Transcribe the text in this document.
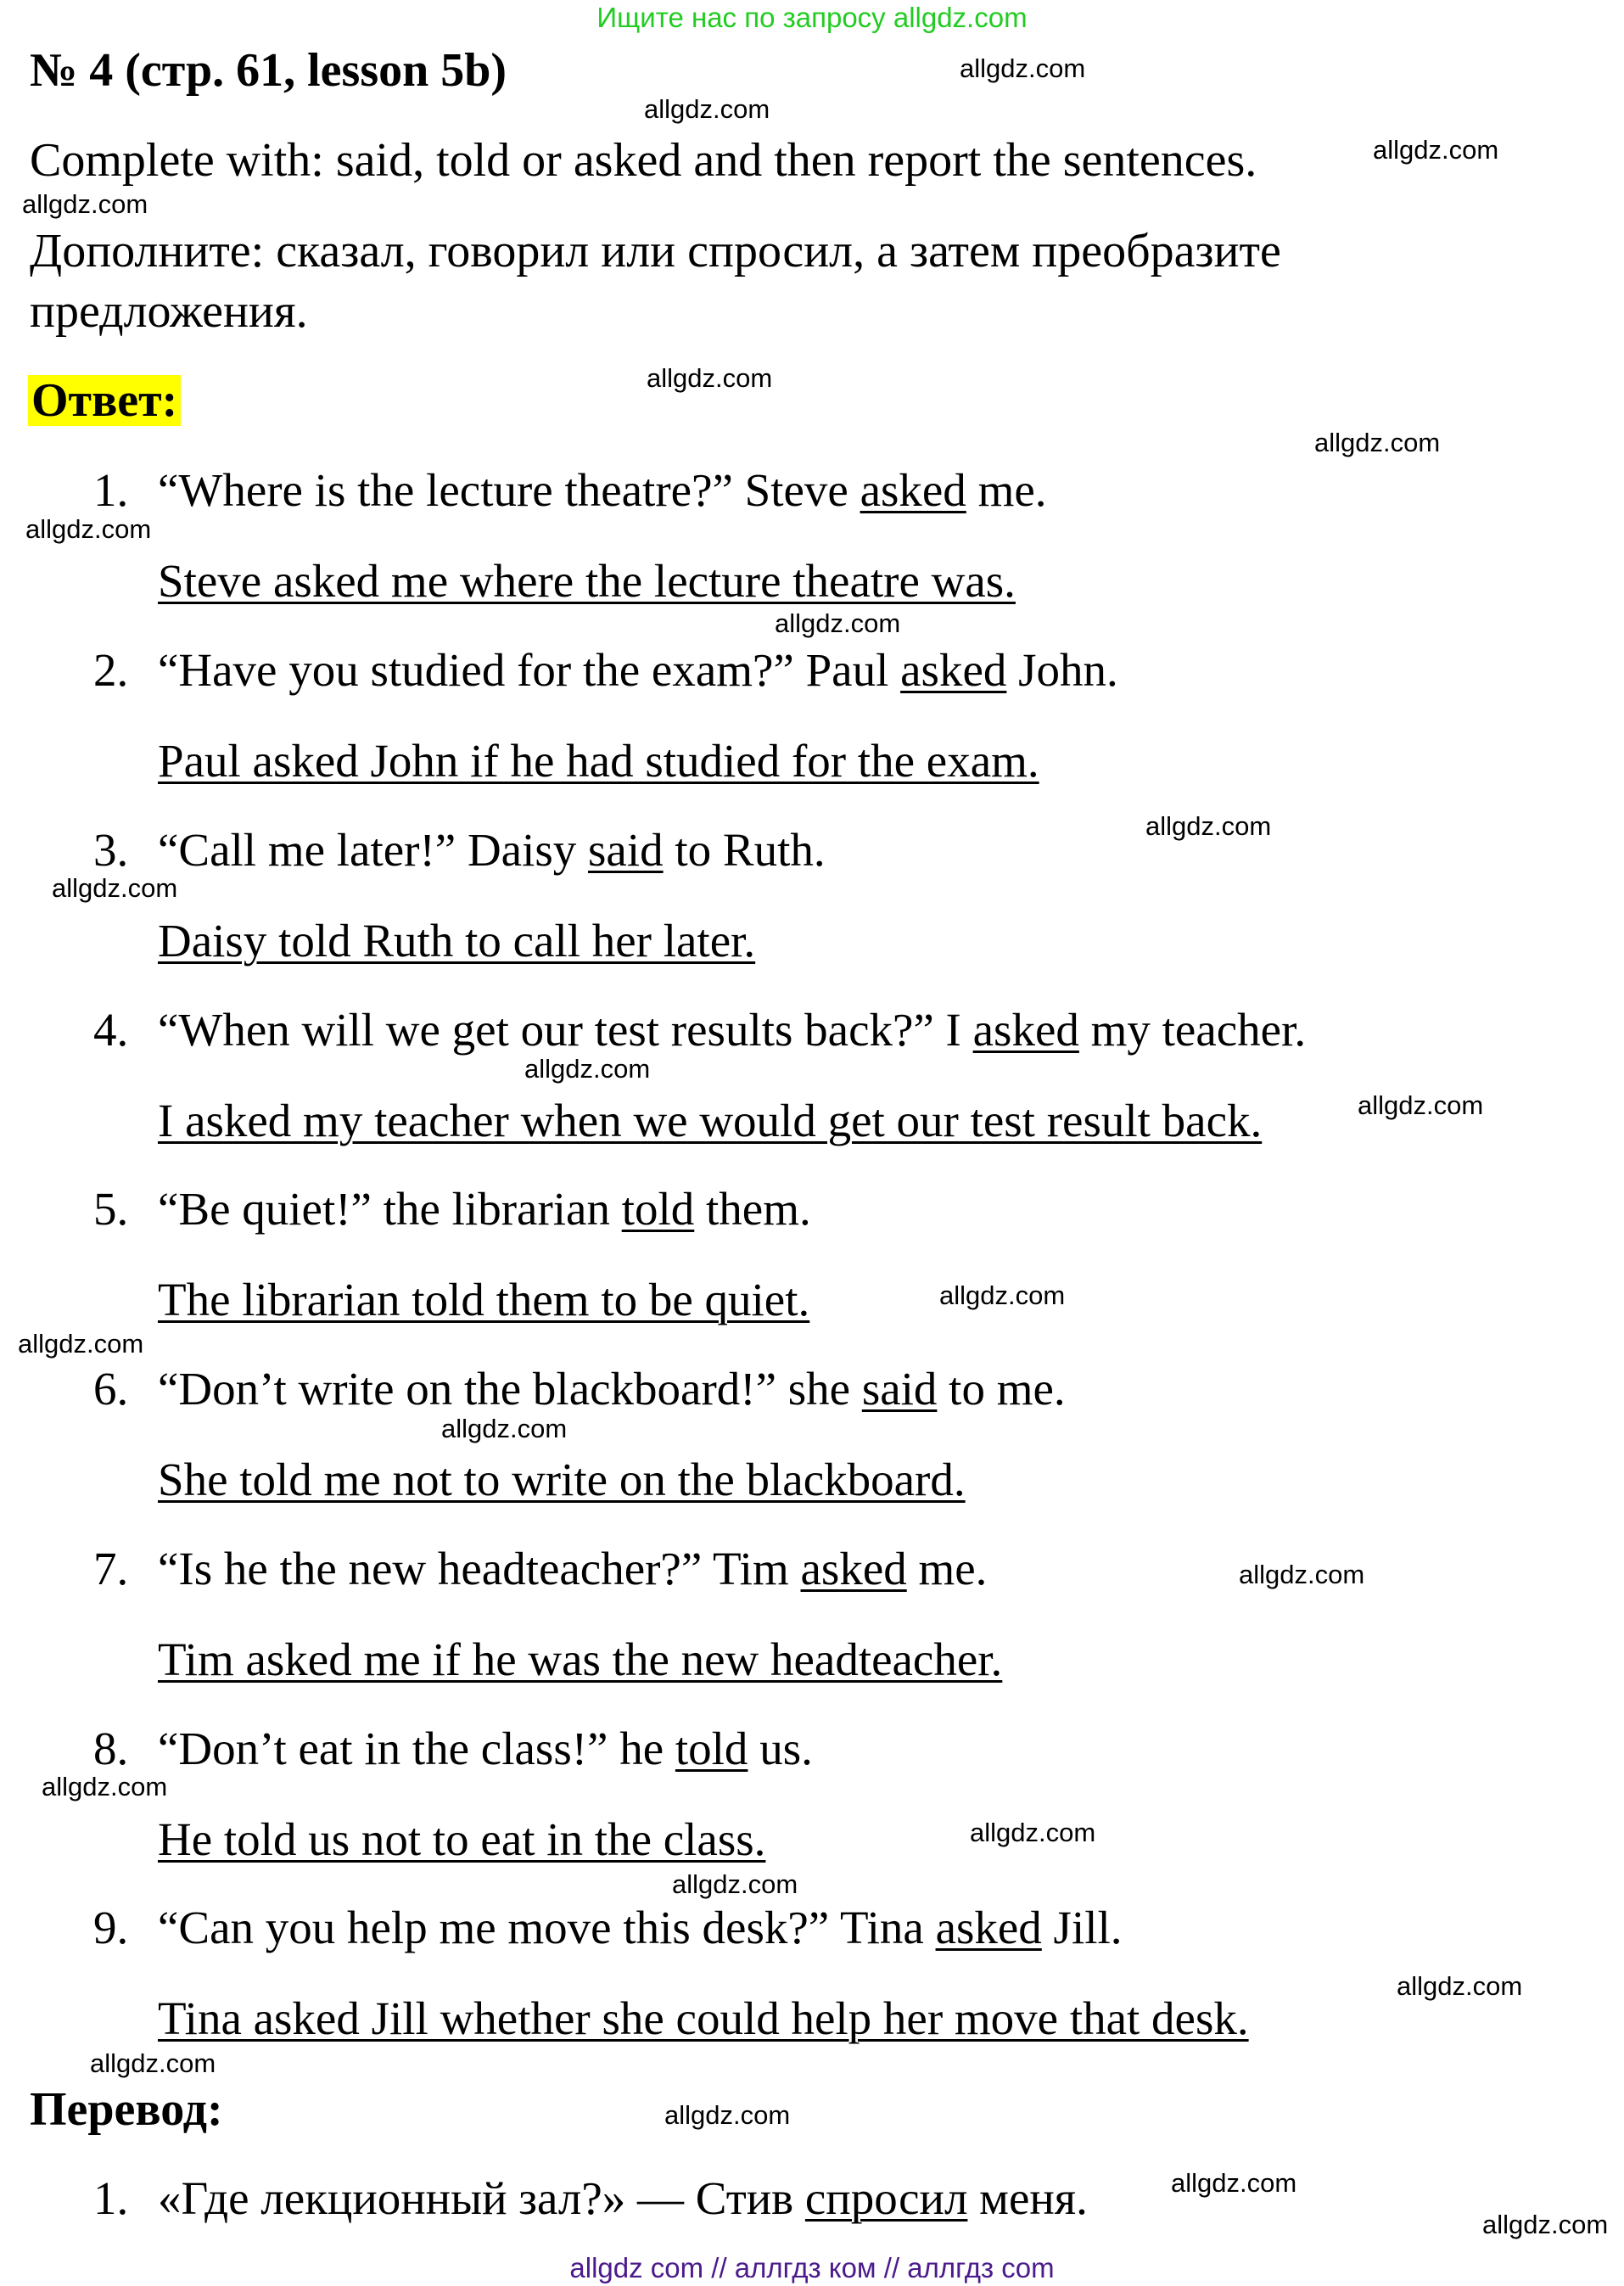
Ищите нас по запросу allgdz.com
№ 4 (стр. 61, lesson 5b)
Complete with: said, told or asked and then report the sentences.
Дополните: сказал, говорил или спросил, а затем преобразите
предложения.
Ответ:
1. “Where is the lecture theatre?” Steve asked me.
Steve asked me where the lecture theatre was.
2. “Have you studied for the exam?” Paul asked John.
Paul asked John if he had studied for the exam.
3. “Call me later!” Daisy said to Ruth.
Daisy told Ruth to call her later.
4. “When will we get our test results back?” I asked my teacher.
I asked my teacher when we would get our test result back.
5. “Be quiet!” the librarian told them.
The librarian told them to be quiet.
6. “Don’t write on the blackboard!” she said to me.
She told me not to write on the blackboard.
7. “Is he the new headteacher?” Tim asked me.
Tim asked me if he was the new headteacher.
8. “Don’t eat in the class!” he told us.
He told us not to eat in the class.
9. “Can you help me move this desk?” Tina asked Jill.
Tina asked Jill whether she could help her move that desk.
Перевод:
1. «Где лекционный зал?» — Стив спросил меня.
allgdz.com
allgdz.com
allgdz.com
allgdz.com
allgdz.com
allgdz.com
allgdz.com
allgdz.com
allgdz.com
allgdz.com
allgdz.com
allgdz.com
allgdz.com
allgdz.com
allgdz.com
allgdz.com
allgdz.com
allgdz.com
allgdz.com
allgdz.com
allgdz.com
allgdz.com
allgdz.com
allgdz.com
allgdz com // аллгдз ком // аллгдз com
